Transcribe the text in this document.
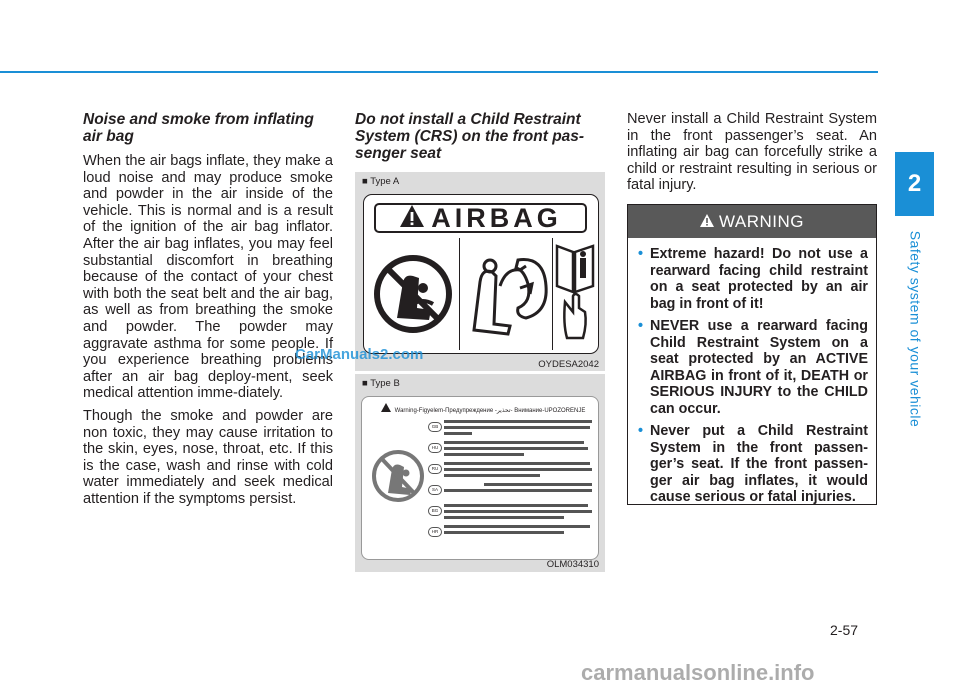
2
Safety system of your vehicle
Noise and smoke from inflating air bag

When the air bags inflate, they make a loud noise and may produce smoke and powder in the air inside of the vehicle. This is normal and is a result of the ignition of the air bag inflator. After the air bag inflates, you may feel substantial discomfort in breathing because of the contact of your chest with both the seat belt and the air bag, as well as from breathing the smoke and powder. The powder may aggravate asthma for some people. If you experience breathing problems after an air bag deploy-ment, seek medical attention imme-diately.

Though the smoke and powder are non toxic, they may cause irritation to the skin, eyes, nose, throat, etc. If this is the case, wash and rinse with cold water immediately and seek medical attention if the symptoms persist.

Do not install a Child Restraint System (CRS) on the front pas-senger seat
■ Type A
AIRBAG
OYDESA2042
■ Type B
Warning-Figyelem-Предупреждение -تحذير- Внимание-UPOZORENJE
GB
HU
RU
SA
BG
HR
OLM034310

Never install a Child Restraint System in the front passenger’s seat. An inflating air bag can forcefully strike a child or restraint resulting in serious or fatal injury.

WARNING
• Extreme hazard! Do not use a rearward facing child restraint on a seat protected by an air bag in front of it!
• NEVER use a rearward facing Child Restraint System on a seat protected by an ACTIVE AIRBAG in front of it, DEATH or SERIOUS INJURY to the CHILD can occur.
• Never put a Child Restraint System in the front passen-ger’s seat. If the front passen-ger air bag inflates, it would cause serious or fatal injuries.
2-57
CarManuals2.com
carmanualsonline.info
